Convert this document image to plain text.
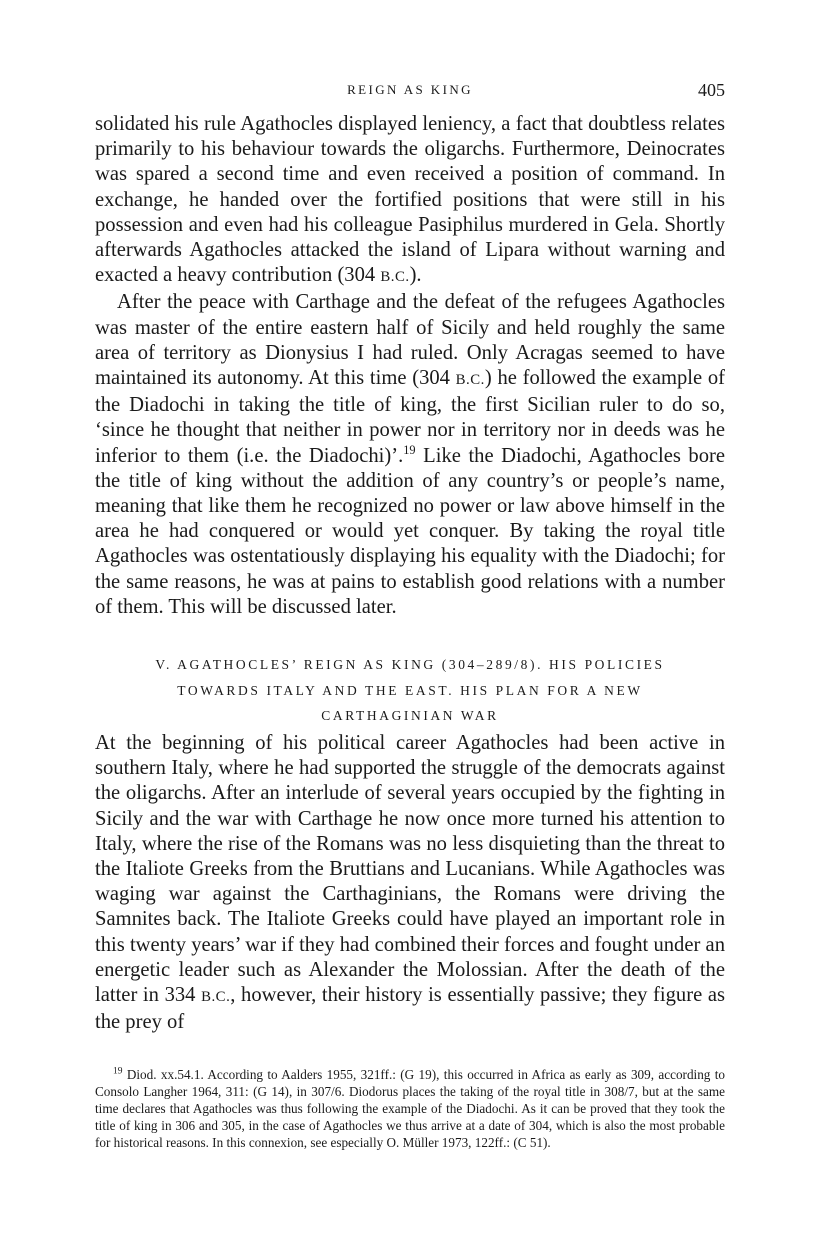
REIGN AS KING	405

solidated his rule Agathocles displayed leniency, a fact that doubtless relates primarily to his behaviour towards the oligarchs. Furthermore, Deinocrates was spared a second time and even received a position of command. In exchange, he handed over the fortified positions that were still in his possession and even had his colleague Pasiphilus murdered in Gela. Shortly afterwards Agathocles attacked the island of Lipara without warning and exacted a heavy contribution (304 B.C.).

After the peace with Carthage and the defeat of the refugees Agathocles was master of the entire eastern half of Sicily and held roughly the same area of territory as Dionysius I had ruled. Only Acragas seemed to have maintained its autonomy. At this time (304 B.C.) he followed the example of the Diadochi in taking the title of king, the first Sicilian ruler to do so, ‘since he thought that neither in power nor in territory nor in deeds was he inferior to them (i.e. the Diadochi)’.$^{19}$ Like the Diadochi, Agathocles bore the title of king without the addition of any country’s or people’s name, meaning that like them he recognized no power or law above himself in the area he had conquered or would yet conquer. By taking the royal title Agathocles was ostentatiously displaying his equality with the Diadochi; for the same reasons, he was at pains to establish good relations with a number of them. This will be discussed later.

V. AGATHOCLES’ REIGN AS KING (304–289/8). HIS POLICIES
TOWARDS ITALY AND THE EAST. HIS PLAN FOR A NEW
CARTHAGINIAN WAR

At the beginning of his political career Agathocles had been active in southern Italy, where he had supported the struggle of the democrats against the oligarchs. After an interlude of several years occupied by the fighting in Sicily and the war with Carthage he now once more turned his attention to Italy, where the rise of the Romans was no less disquieting than the threat to the Italiote Greeks from the Bruttians and Lucanians. While Agathocles was waging war against the Carthaginians, the Romans were driving the Samnites back. The Italiote Greeks could have played an important role in this twenty years’ war if they had combined their forces and fought under an energetic leader such as Alexander the Molossian. After the death of the latter in 334 B.C., however, their history is essentially passive; they figure as the prey of

$^{19}$ Diod. xx.54.1. According to Aalders 1955, 321ff.: (G 19), this occurred in Africa as early as 309, according to Consolo Langher 1964, 311: (G 14), in 307/6. Diodorus places the taking of the royal title in 308/7, but at the same time declares that Agathocles was thus following the example of the Diadochi. As it can be proved that they took the title of king in 306 and 305, in the case of Agathocles we thus arrive at a date of 304, which is also the most probable for historical reasons. In this connexion, see especially O. Müller 1973, 122ff.: (C 51).
